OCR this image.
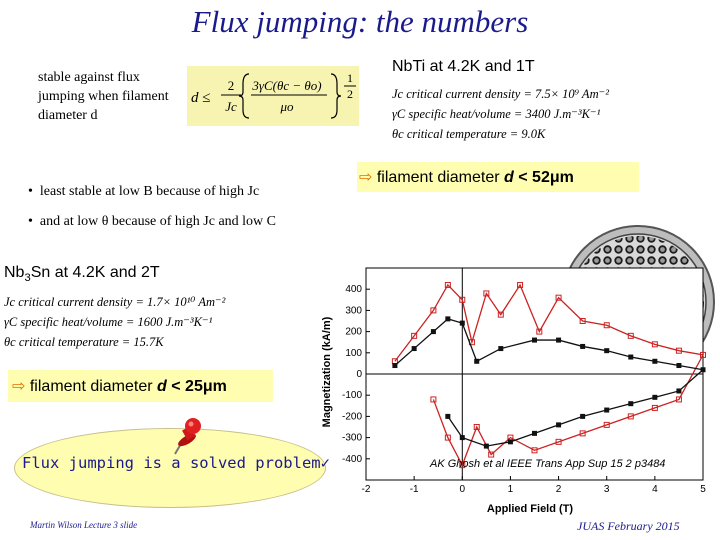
Flux jumping: the numbers
stable against flux jumping when filament diameter d
d ≤
2
Jc
3γC(θc − θo)
μo
1
2
NbTi at 4.2K and 1T
Jc critical current density = 7.5× 10⁹ Am⁻²
γC specific heat/volume = 3400 J.m⁻³K⁻¹
θc critical temperature = 9.0K
⇨ filament diameter d < 52μm
•  least stable at low B because of high Jc
•  and at low θ because of high Jc and low C
-2	-1	0	1	2	3	4	5
-400
-300
-200
-100
0
100
200
300
400
Applied Field (T)
Magnetization (kA/m)
$Nb_3Sn$ at 4.2K and 2T
Jc critical current density = 1.7× 10¹⁰ Am⁻²
γC specific heat/volume = 1600 J.m⁻³K⁻¹
θc critical temperature = 15.7K
⇨ filament diameter d < 25μm
Flux jumping is a solved problem✓	AK Ghosh et al IEEE Trans App Sup 15 2 p3484
Martin Wilson Lecture 3 slide	JUAS February 2015
